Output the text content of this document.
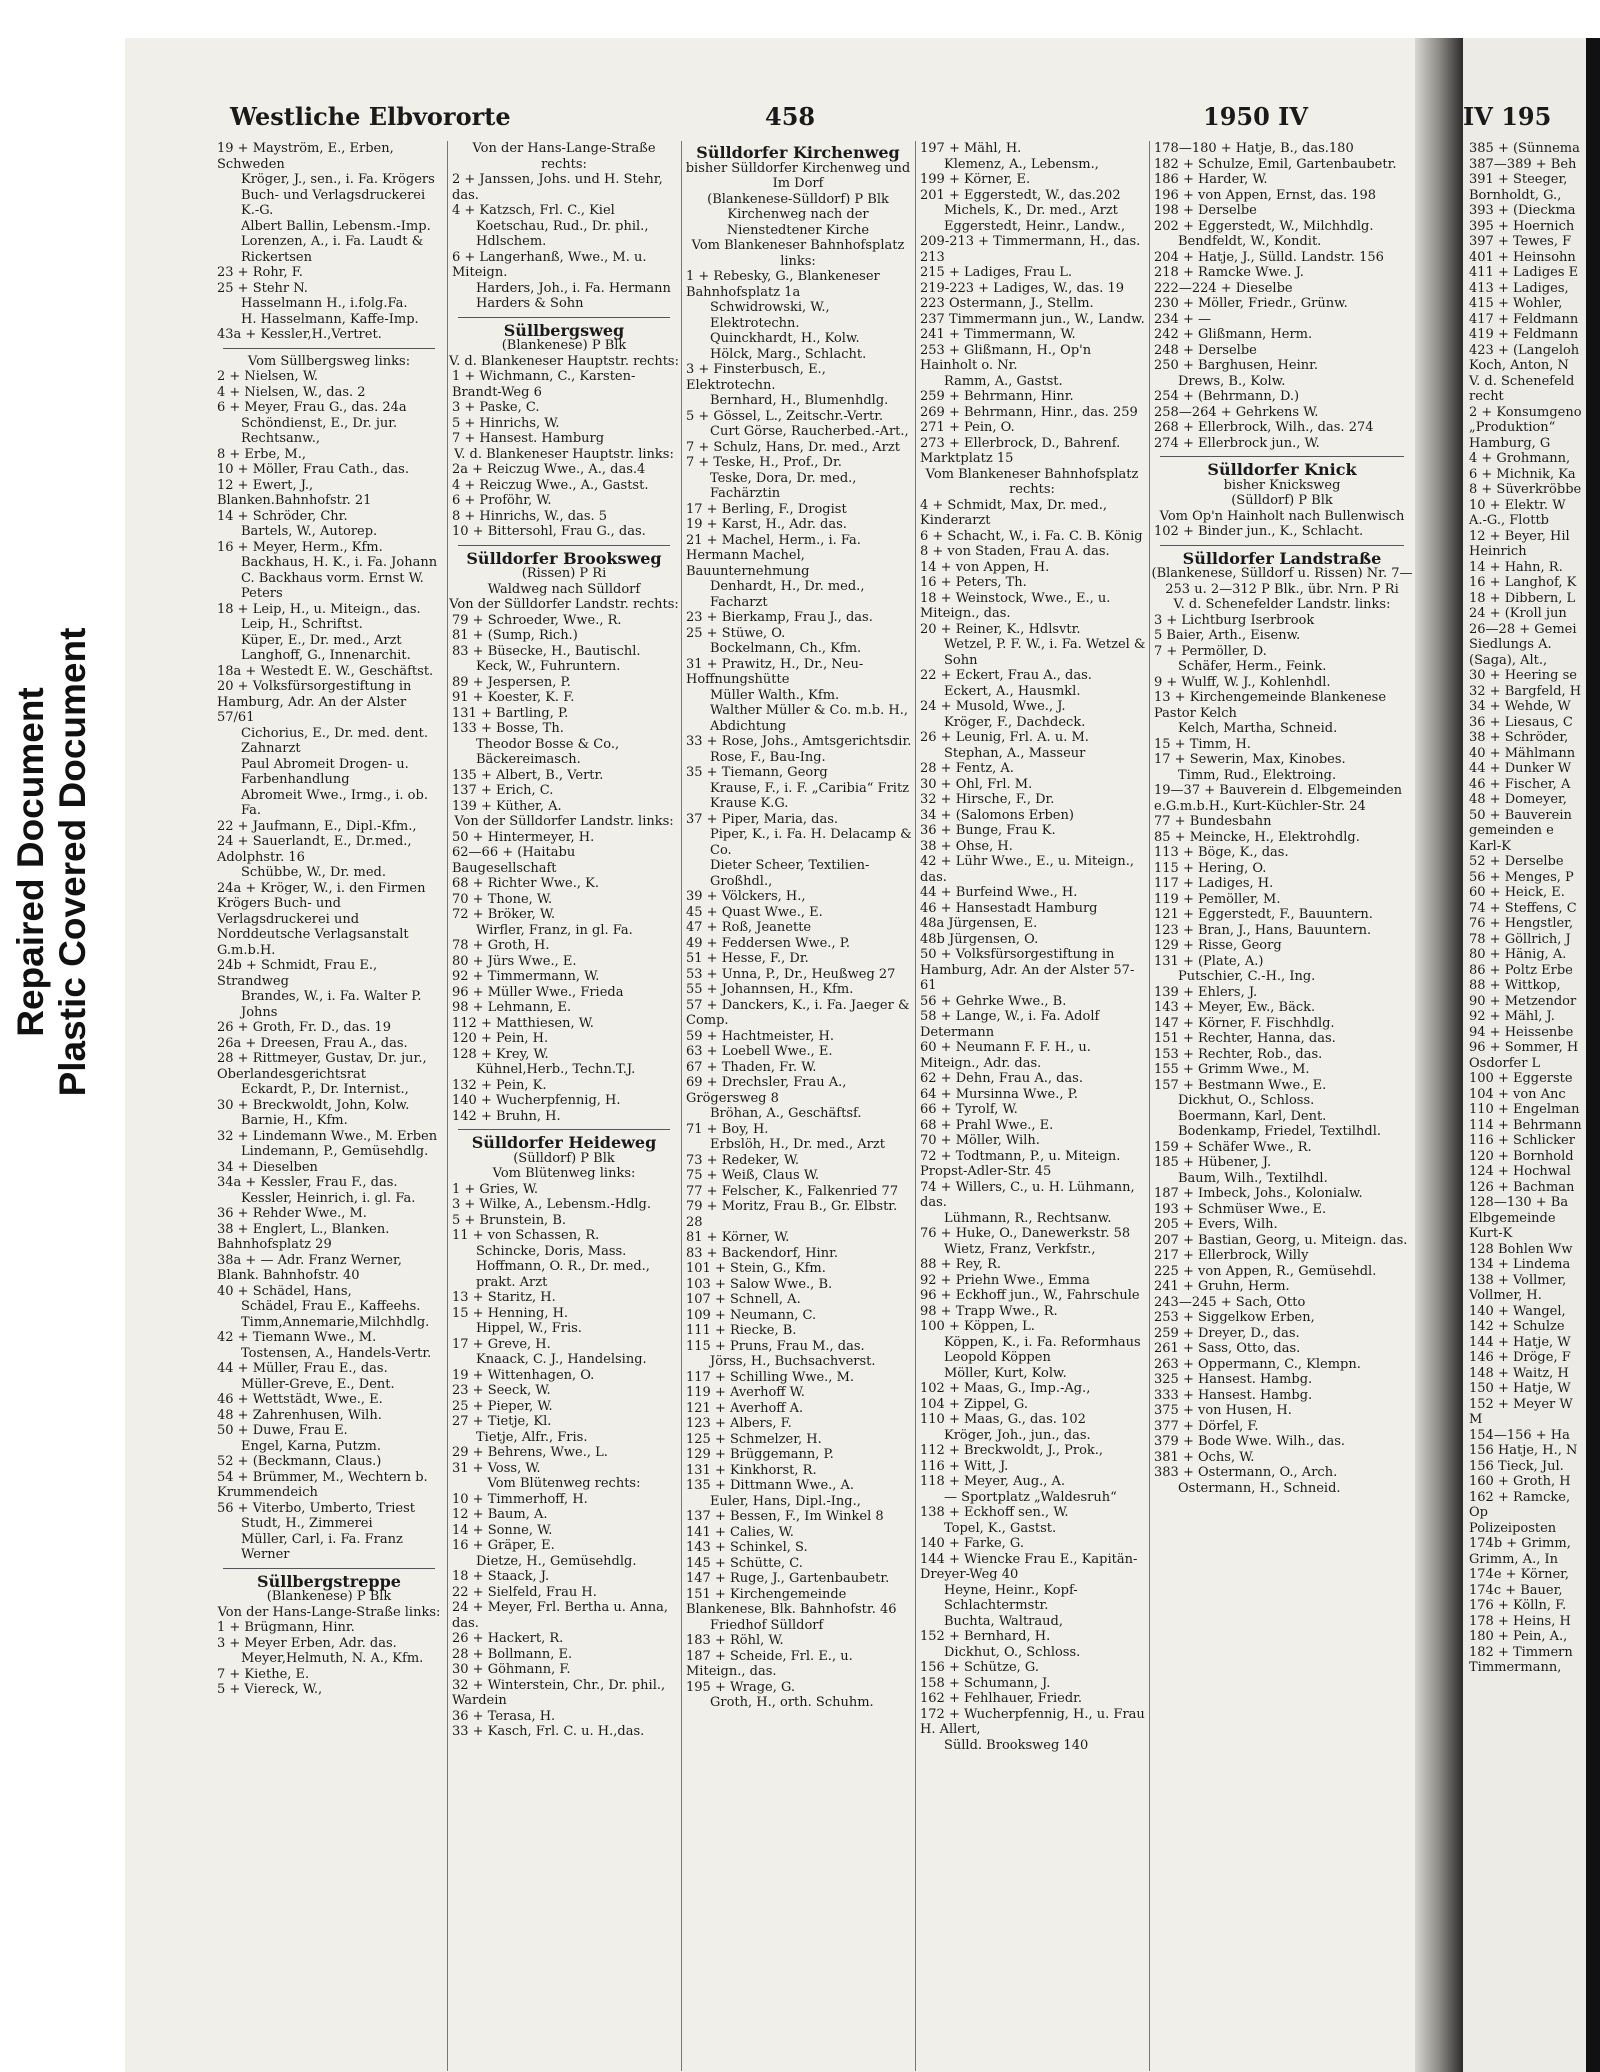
Repaired Document Plastic Covered Document
Westliche Elbvororte	458	1950 IV
19 + Mayström, E., Erben, Schweden
Kröger, J., sen., i. Fa. Krögers Buch- und Verlagsdruckerei K.-G.
Albert Ballin, Lebensm.-Imp.
Lorenzen, A., i. Fa. Laudt & Rickertsen
23 + Rohr, F.
25 + Stehr N.
Hasselmann H., i.folg.Fa.
H. Hasselmann, Kaffe-Imp.
43a + Kessler,H.,Vertret.
Vom Süllbergsweg links:
2 + Nielsen, W.
4 + Nielsen, W., das. 2
6 + Meyer, Frau G., das. 24a
Schöndienst, E., Dr. jur. Rechtsanw.,
8 + Erbe, M.,
10 + Möller, Frau Cath., das.
12 + Ewert, J., Blanken.Bahnhofstr. 21
14 + Schröder, Chr.
Bartels, W., Autorep.
16 + Meyer, Herm., Kfm.
Backhaus, H. K., i. Fa. Johann C. Backhaus vorm. Ernst W. Peters
18 + Leip, H., u. Miteign., das.
Leip, H., Schriftst.
Küper, E., Dr. med., Arzt
Langhoff, G., Innenarchit.
18a + Westedt E. W., Geschäftst.
20 + Volksfürsorgestiftung in Hamburg, Adr. An der Alster 57/61
Cichorius, E., Dr. med. dent. Zahnarzt
Paul Abromeit Drogen- u. Farbenhandlung
Abromeit Wwe., Irmg., i. ob. Fa.
22 + Jaufmann, E., Dipl.-Kfm.,
24 + Sauerlandt, E., Dr.med., Adolphstr. 16
Schübbe, W., Dr. med.
24a + Kröger, W., i. den Firmen Krögers Buch- und Verlagsdruckerei und Norddeutsche Verlagsanstalt G.m.b.H.
24b + Schmidt, Frau E., Strandweg
Brandes, W., i. Fa. Walter P. Johns
26 + Groth, Fr. D., das. 19
26a + Dreesen, Frau A., das.
28 + Rittmeyer, Gustav, Dr. jur., Oberlandesgerichtsrat
Eckardt, P., Dr. Internist.,
30 + Breckwoldt, John, Kolw.
Barnie, H., Kfm.
32 + Lindemann Wwe., M. Erben
Lindemann, P., Gemüsehdlg.
34 + Dieselben
34a + Kessler, Frau F., das.
Kessler, Heinrich, i. gl. Fa.
36 + Rehder Wwe., M.
38 + Englert, L., Blanken. Bahnhofsplatz 29
38a + — Adr. Franz Werner, Blank. Bahnhofstr. 40
40 + Schädel, Hans,
Schädel, Frau E., Kaffeehs.
Timm,Annemarie,Milchhdlg.
42 + Tiemann Wwe., M.
Tostensen, A., Handels-Vertr.
44 + Müller, Frau E., das.
Müller-Greve, E., Dent.
46 + Wettstädt, Wwe., E.
48 + Zahrenhusen, Wilh.
50 + Duwe, Frau E.
Engel, Karna, Putzm.
52 + (Beckmann, Claus.)
54 + Brümmer, M., Wechtern b. Krummendeich
56 + Viterbo, Umberto, Triest
Studt, H., Zimmerei
Müller, Carl, i. Fa. Franz Werner
Süllbergstreppe
(Blankenese) P Blk
Von der Hans-Lange-Straße links:
1 + Brügmann, Hinr.
3 + Meyer Erben, Adr. das.
Meyer,Helmuth, N. A., Kfm.
7 + Kiethe, E.
5 + Viereck, W.,
Von der Hans-Lange-Straße rechts:
2 + Janssen, Johs. und H. Stehr, das.
4 + Katzsch, Frl. C., Kiel
Koetschau, Rud., Dr. phil., Hdlschem.
6 + Langerhanß, Wwe., M. u. Miteign.
Harders, Joh., i. Fa. Hermann Harders & Sohn
Süllbergsweg
(Blankenese) P Blk
V. d. Blankeneser Hauptstr. rechts:
1 + Wichmann, C., Karsten-Brandt-Weg 6
3 + Paske, C.
5 + Hinrichs, W.
7 + Hansest. Hamburg
V. d. Blankeneser Hauptstr. links:
2a + Reiczug Wwe., A., das.4
4 + Reiczug Wwe., A., Gastst.
6 + Proföhr, W.
8 + Hinrichs, W., das. 5
10 + Bittersohl, Frau G., das.
Sülldorfer Brooksweg
(Rissen) P Ri
Waldweg nach Sülldorf
Von der Sülldorfer Landstr. rechts:
79 + Schroeder, Wwe., R.
81 + (Sump, Rich.)
83 + Büsecke, H., Bautischl.
Keck, W., Fuhruntern.
89 + Jespersen, P.
91 + Koester, K. F.
131 + Bartling, P.
133 + Bosse, Th.
Theodor Bosse & Co., Bäckereimasch.
135 + Albert, B., Vertr.
137 + Erich, C.
139 + Küther, A.
Von der Sülldorfer Landstr. links:
50 + Hintermeyer, H.
62—66 + (Haitabu Baugesellschaft
68 + Richter Wwe., K.
70 + Thone, W.
72 + Bröker, W.
Wirfler, Franz, in gl. Fa.
78 + Groth, H.
80 + Jürs Wwe., E.
92 + Timmermann, W.
96 + Müller Wwe., Frieda
98 + Lehmann, E.
112 + Matthiesen, W.
120 + Pein, H.
128 + Krey, W.
Kühnel,Herb., Techn.T.J.
132 + Pein, K.
140 + Wucherpfennig, H.
142 + Bruhn, H.
Sülldorfer Heideweg
(Sülldorf) P Blk
Vom Blütenweg links:
1 + Gries, W.
3 + Wilke, A., Lebensm.-Hdlg.
5 + Brunstein, B.
11 + von Schassen, R.
Schincke, Doris, Mass.
Hoffmann, O. R., Dr. med., prakt. Arzt
13 + Staritz, H.
15 + Henning, H.
Hippel, W., Fris.
17 + Greve, H.
Knaack, C. J., Handelsing.
19 + Wittenhagen, O.
23 + Seeck, W.
25 + Pieper, W.
27 + Tietje, Kl.
Tietje, Alfr., Fris.
29 + Behrens, Wwe., L.
31 + Voss, W.
Vom Blütenweg rechts:
10 + Timmerhoff, H.
12 + Baum, A.
14 + Sonne, W.
16 + Gräper, E.
Dietze, H., Gemüsehdlg.
18 + Staack, J.
22 + Sielfeld, Frau H.
24 + Meyer, Frl. Bertha u. Anna, das.
26 + Hackert, R.
28 + Bollmann, E.
30 + Göhmann, F.
32 + Winterstein, Chr., Dr. phil., Wardein
36 + Terasa, H.
33 + Kasch, Frl. C. u. H.,das.
Sülldorfer Kirchenweg
bisher Sülldorfer Kirchenweg und Im Dorf
(Blankenese-Sülldorf) P Blk
Kirchenweg nach der Nienstedtener Kirche
Vom Blankeneser Bahnhofsplatz links:
1 + Rebesky, G., Blankeneser Bahnhofsplatz 1a
Schwidrowski, W., Elektrotechn.
Quinckhardt, H., Kolw.
Hölck, Marg., Schlacht.
3 + Finsterbusch, E., Elektrotechn.
Bernhard, H., Blumenhdlg.
5 + Gössel, L., Zeitschr.-Vertr.
Curt Görse, Raucherbed.-Art.,
7 + Schulz, Hans, Dr. med., Arzt
7 + Teske, H., Prof., Dr.
Teske, Dora, Dr. med., Fachärztin
17 + Berling, F., Drogist
19 + Karst, H., Adr. das.
21 + Machel, Herm., i. Fa. Hermann Machel, Bauunternehmung
Denhardt, H., Dr. med., Facharzt
23 + Bierkamp, Frau J., das.
25 + Stüwe, O.
Bockelmann, Ch., Kfm.
31 + Prawitz, H., Dr., Neu-Hoffnungshütte
Müller Walth., Kfm.
Walther Müller & Co. m.b. H., Abdichtung
33 + Rose, Johs., Amtsgerichtsdir.
Rose, F., Bau-Ing.
35 + Tiemann, Georg
Krause, F., i. F. „Caribia“ Fritz Krause K.G.
37 + Piper, Maria, das.
Piper, K., i. Fa. H. Delacamp & Co.
Dieter Scheer, Textilien-Großhdl.,
39 + Völckers, H.,
45 + Quast Wwe., E.
47 + Roß, Jeanette
49 + Feddersen Wwe., P.
51 + Hesse, F., Dr.
53 + Unna, P., Dr., Heußweg 27
55 + Johannsen, H., Kfm.
57 + Danckers, K., i. Fa. Jaeger & Comp.
59 + Hachtmeister, H.
63 + Loebell Wwe., E.
67 + Thaden, Fr. W.
69 + Drechsler, Frau A., Grögersweg 8
Bröhan, A., Geschäftsf.
71 + Boy, H.
Erbslöh, H., Dr. med., Arzt
73 + Redeker, W.
75 + Weiß, Claus W.
77 + Felscher, K., Falkenried 77
79 + Moritz, Frau B., Gr. Elbstr. 28
81 + Körner, W.
83 + Backendorf, Hinr.
101 + Stein, G., Kfm.
103 + Salow Wwe., B.
107 + Schnell, A.
109 + Neumann, C.
111 + Riecke, B.
115 + Pruns, Frau M., das.
Jörss, H., Buchsachverst.
117 + Schilling Wwe., M.
119 + Averhoff W.
121 + Averhoff A.
123 + Albers, F.
125 + Schmelzer, H.
129 + Brüggemann, P.
131 + Kinkhorst, R.
135 + Dittmann Wwe., A.
Euler, Hans, Dipl.-Ing.,
137 + Bessen, F., Im Winkel 8
141 + Calies, W.
143 + Schinkel, S.
145 + Schütte, C.
147 + Ruge, J., Gartenbaubetr.
151 + Kirchengemeinde Blankenese, Blk. Bahnhofstr. 46
Friedhof Sülldorf
183 + Röhl, W.
187 + Scheide, Frl. E., u. Miteign., das.
195 + Wrage, G.
Groth, H., orth. Schuhm.
197 + Mähl, H.
Klemenz, A., Lebensm.,
199 + Körner, E.
201 + Eggerstedt, W., das.202
Michels, K., Dr. med., Arzt
Eggerstedt, Heinr., Landw.,
209-213 + Timmermann, H., das. 213
215 + Ladiges, Frau L.
219-223 + Ladiges, W., das. 19
223 Ostermann, J., Stellm.
237 Timmermann jun., W., Landw.
241 + Timmermann, W.
253 + Glißmann, H., Op'n Hainholt o. Nr.
Ramm, A., Gastst.
259 + Behrmann, Hinr.
269 + Behrmann, Hinr., das. 259
271 + Pein, O.
273 + Ellerbrock, D., Bahrenf. Marktplatz 15
Vom Blankeneser Bahnhofsplatz rechts:
4 + Schmidt, Max, Dr. med., Kinderarzt
6 + Schacht, W., i. Fa. C. B. König
8 + von Staden, Frau A. das.
14 + von Appen, H.
16 + Peters, Th.
18 + Weinstock, Wwe., E., u. Miteign., das.
20 + Reiner, K., Hdlsvtr.
Wetzel, P. F. W., i. Fa. Wetzel & Sohn
22 + Eckert, Frau A., das.
Eckert, A., Hausmkl.
24 + Musold, Wwe., J.
Kröger, F., Dachdeck.
26 + Leunig, Frl. A. u. M.
Stephan, A., Masseur
28 + Fentz, A.
30 + Ohl, Frl. M.
32 + Hirsche, F., Dr.
34 + (Salomons Erben)
36 + Bunge, Frau K.
38 + Ohse, H.
42 + Lühr Wwe., E., u. Miteign., das.
44 + Burfeind Wwe., H.
46 + Hansestadt Hamburg
48a Jürgensen, E.
48b Jürgensen, O.
50 + Volksfürsorgestiftung in Hamburg, Adr. An der Alster 57-61
56 + Gehrke Wwe., B.
58 + Lange, W., i. Fa. Adolf Determann
60 + Neumann F. F. H., u. Miteign., Adr. das.
62 + Dehn, Frau A., das.
64 + Mursinna Wwe., P.
66 + Tyrolf, W.
68 + Prahl Wwe., E.
70 + Möller, Wilh.
72 + Todtmann, P., u. Miteign. Propst-Adler-Str. 45
74 + Willers, C., u. H. Lühmann, das.
Lühmann, R., Rechtsanw.
76 + Huke, O., Danewerkstr. 58
Wietz, Franz, Verkfstr.,
88 + Rey, R.
92 + Priehn Wwe., Emma
96 + Eckhoff jun., W., Fahrschule
98 + Trapp Wwe., R.
100 + Köppen, L.
Köppen, K., i. Fa. Reformhaus Leopold Köppen
Möller, Kurt, Kolw.
102 + Maas, G., Imp.-Ag.,
104 + Zippel, G.
110 + Maas, G., das. 102
Kröger, Joh., jun., das.
112 + Breckwoldt, J., Prok.,
116 + Witt, J.
118 + Meyer, Aug., A.
— Sportplatz „Waldesruh“
138 + Eckhoff sen., W.
Topel, K., Gastst.
140 + Farke, G.
144 + Wiencke Frau E., Kapitän-Dreyer-Weg 40
Heyne, Heinr., Kopf-Schlachtermstr.
Buchta, Waltraud,
152 + Bernhard, H.
Dickhut, O., Schloss.
156 + Schütze, G.
158 + Schumann, J.
162 + Fehlhauer, Friedr.
172 + Wucherpfennig, H., u. Frau H. Allert,
Sülld. Brooksweg 140
178—180 + Hatje, B., das.180
182 + Schulze, Emil, Gartenbaubetr.
186 + Harder, W.
196 + von Appen, Ernst, das. 198
198 + Derselbe
202 + Eggerstedt, W., Milchhdlg.
Bendfeldt, W., Kondit.
204 + Hatje, J., Sülld. Landstr. 156
218 + Ramcke Wwe. J.
222—224 + Dieselbe
230 + Möller, Friedr., Grünw.
234 + —
242 + Glißmann, Herm.
248 + Derselbe
250 + Barghusen, Heinr.
Drews, B., Kolw.
254 + (Behrmann, D.)
258—264 + Gehrkens W.
268 + Ellerbrock, Wilh., das. 274
274 + Ellerbrock jun., W.
Sülldorfer Knick
bisher Knicksweg
(Sülldorf) P Blk
Vom Op'n Hainholt nach Bullenwisch
102 + Binder jun., K., Schlacht.
Sülldorfer Landstraße
(Blankenese, Sülldorf u. Rissen) Nr. 7—253 u. 2—312 P Blk., übr. Nrn. P Ri
V. d. Schenefelder Landstr. links:
3 + Lichtburg Iserbrook
5 Baier, Arth., Eisenw.
7 + Permöller, D.
Schäfer, Herm., Feink.
9 + Wulff, W. J., Kohlenhdl.
13 + Kirchengemeinde Blankenese Pastor Kelch
Kelch, Martha, Schneid.
15 + Timm, H.
17 + Sewerin, Max, Kinobes.
Timm, Rud., Elektroing.
19—37 + Bauverein d. Elbgemeinden e.G.m.b.H., Kurt-Küchler-Str. 24
77 + Bundesbahn
85 + Meincke, H., Elektrohdlg.
113 + Böge, K., das.
115 + Hering, O.
117 + Ladiges, H.
119 + Pemöller, M.
121 + Eggerstedt, F., Bauuntern.
123 + Bran, J., Hans, Bauuntern.
129 + Risse, Georg
131 + (Plate, A.)
Putschier, C.-H., Ing.
139 + Ehlers, J.
143 + Meyer, Ew., Bäck.
147 + Körner, F. Fischhdlg.
151 + Rechter, Hanna, das.
153 + Rechter, Rob., das.
155 + Grimm Wwe., M.
157 + Bestmann Wwe., E.
Dickhut, O., Schloss.
Boermann, Karl, Dent.
Bodenkamp, Friedel, Textilhdl.
159 + Schäfer Wwe., R.
185 + Hübener, J.
Baum, Wilh., Textilhdl.
187 + Imbeck, Johs., Kolonialw.
193 + Schmüser Wwe., E.
205 + Evers, Wilh.
207 + Bastian, Georg, u. Miteign. das.
217 + Ellerbrock, Willy
225 + von Appen, R., Gemüsehdl.
241 + Gruhn, Herm.
243—245 + Sach, Otto
253 + Siggelkow Erben,
259 + Dreyer, D., das.
261 + Sass, Otto, das.
263 + Oppermann, C., Klempn.
325 + Hansest. Hambg.
333 + Hansest. Hambg.
375 + von Husen, H.
377 + Dörfel, F.
379 + Bode Wwe. Wilh., das.
381 + Ochs, W.
383 + Ostermann, O., Arch.
Ostermann, H., Schneid.
IV 195
385 + (Sünnema
387—389 + Beh
391 + Steeger,
Bornholdt, G.,
393 + (Dieckma
395 + Hoernich
397 + Tewes, F
401 + Heinsohn
411 + Ladiges E
413 + Ladiges,
415 + Wohler,
417 + Feldmann
419 + Feldmann
423 + (Langeloh
Koch, Anton, N
V. d. Schenefeld
recht
2 + Konsumgeno
„Produktion“
Hamburg, G
4 + Grohmann,
6 + Michnik, Ka
8 + Süverkröbbe
10 + Elektr. W
A.-G., Flottb
12 + Beyer, Hil
Heinrich
14 + Hahn, R.
16 + Langhof, K
18 + Dibbern, L
24 + (Kroll jun
26—28 + Gemei
Siedlungs A.
(Saga), Alt.,
30 + Heering se
32 + Bargfeld, H
34 + Wehde, W
36 + Liesaus, C
38 + Schröder,
40 + Mählmann
44 + Dunker W
46 + Fischer, A
48 + Domeyer,
50 + Bauverein
gemeinden e
Karl-K
52 + Derselbe
56 + Menges, P
60 + Heick, E.
74 + Steffens, C
76 + Hengstler,
78 + Göllrich, J
80 + Hänig, A.
86 + Poltz Erbe
88 + Wittkop,
90 + Metzendor
92 + Mähl, J.
94 + Heissenbe
96 + Sommer, H
Osdorfer L
100 + Eggerste
104 + von Anc
110 + Engelman
114 + Behrmann
116 + Schlicker
120 + Bornhold
124 + Hochwal
126 + Bachman
128—130 + Ba
Elbgemeinde
Kurt-K
128 Bohlen Ww
134 + Lindema
138 + Vollmer,
Vollmer, H.
140 + Wangel,
142 + Schulze
144 + Hatje, W
146 + Dröge, F
148 + Waitz, H
150 + Hatje, W
152 + Meyer W
M
154—156 + Ha
156 Hatje, H., N
156 Tieck, Jul.
160 + Groth, H
162 + Ramcke,
Op
Polizeiposten
174b + Grimm,
Grimm, A., In
174e + Körner,
174c + Bauer,
176 + Kölln, F.
178 + Heins, H
180 + Pein, A.,
182 + Timmern
Timmermann,
